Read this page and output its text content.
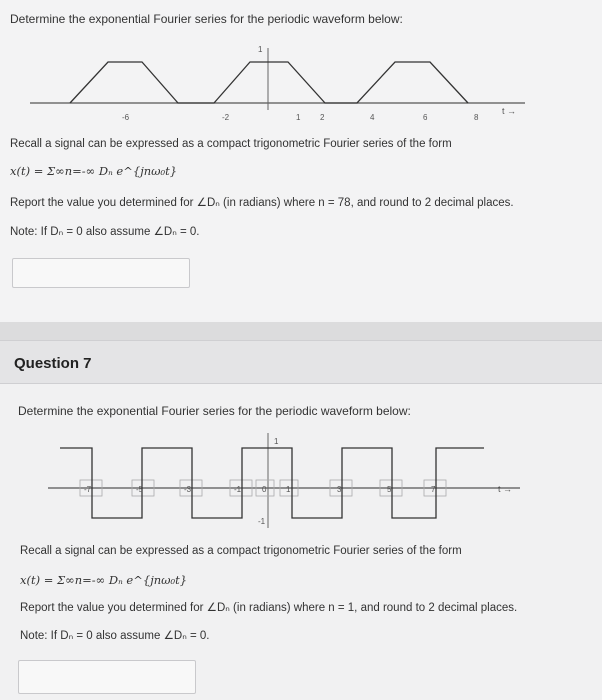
Determine the exponential Fourier series for the periodic waveform below:
1
-6	-2	1 2	4	6	8
t →
Recall a signal can be expressed as a compact trigonometric Fourier series of the form
x(t) = Σ∞n=-∞ Dₙ e^{jnω₀t}
Report the value you determined for ∠Dₙ (in radians) where n = 78, and round to 2 decimal places.
Note: If Dₙ = 0 also assume ∠Dₙ = 0.
Question 7
Determine the exponential Fourier series for the periodic waveform below:
1
-1
-7	-5	-3	-1	0 1	3	5	7	t →
Recall a signal can be expressed as a compact trigonometric Fourier series of the form
x(t) = Σ∞n=-∞ Dₙ e^{jnω₀t}
Report the value you determined for ∠Dₙ (in radians) where n = 1, and round to 2 decimal places.
Note: If Dₙ = 0 also assume ∠Dₙ = 0.
